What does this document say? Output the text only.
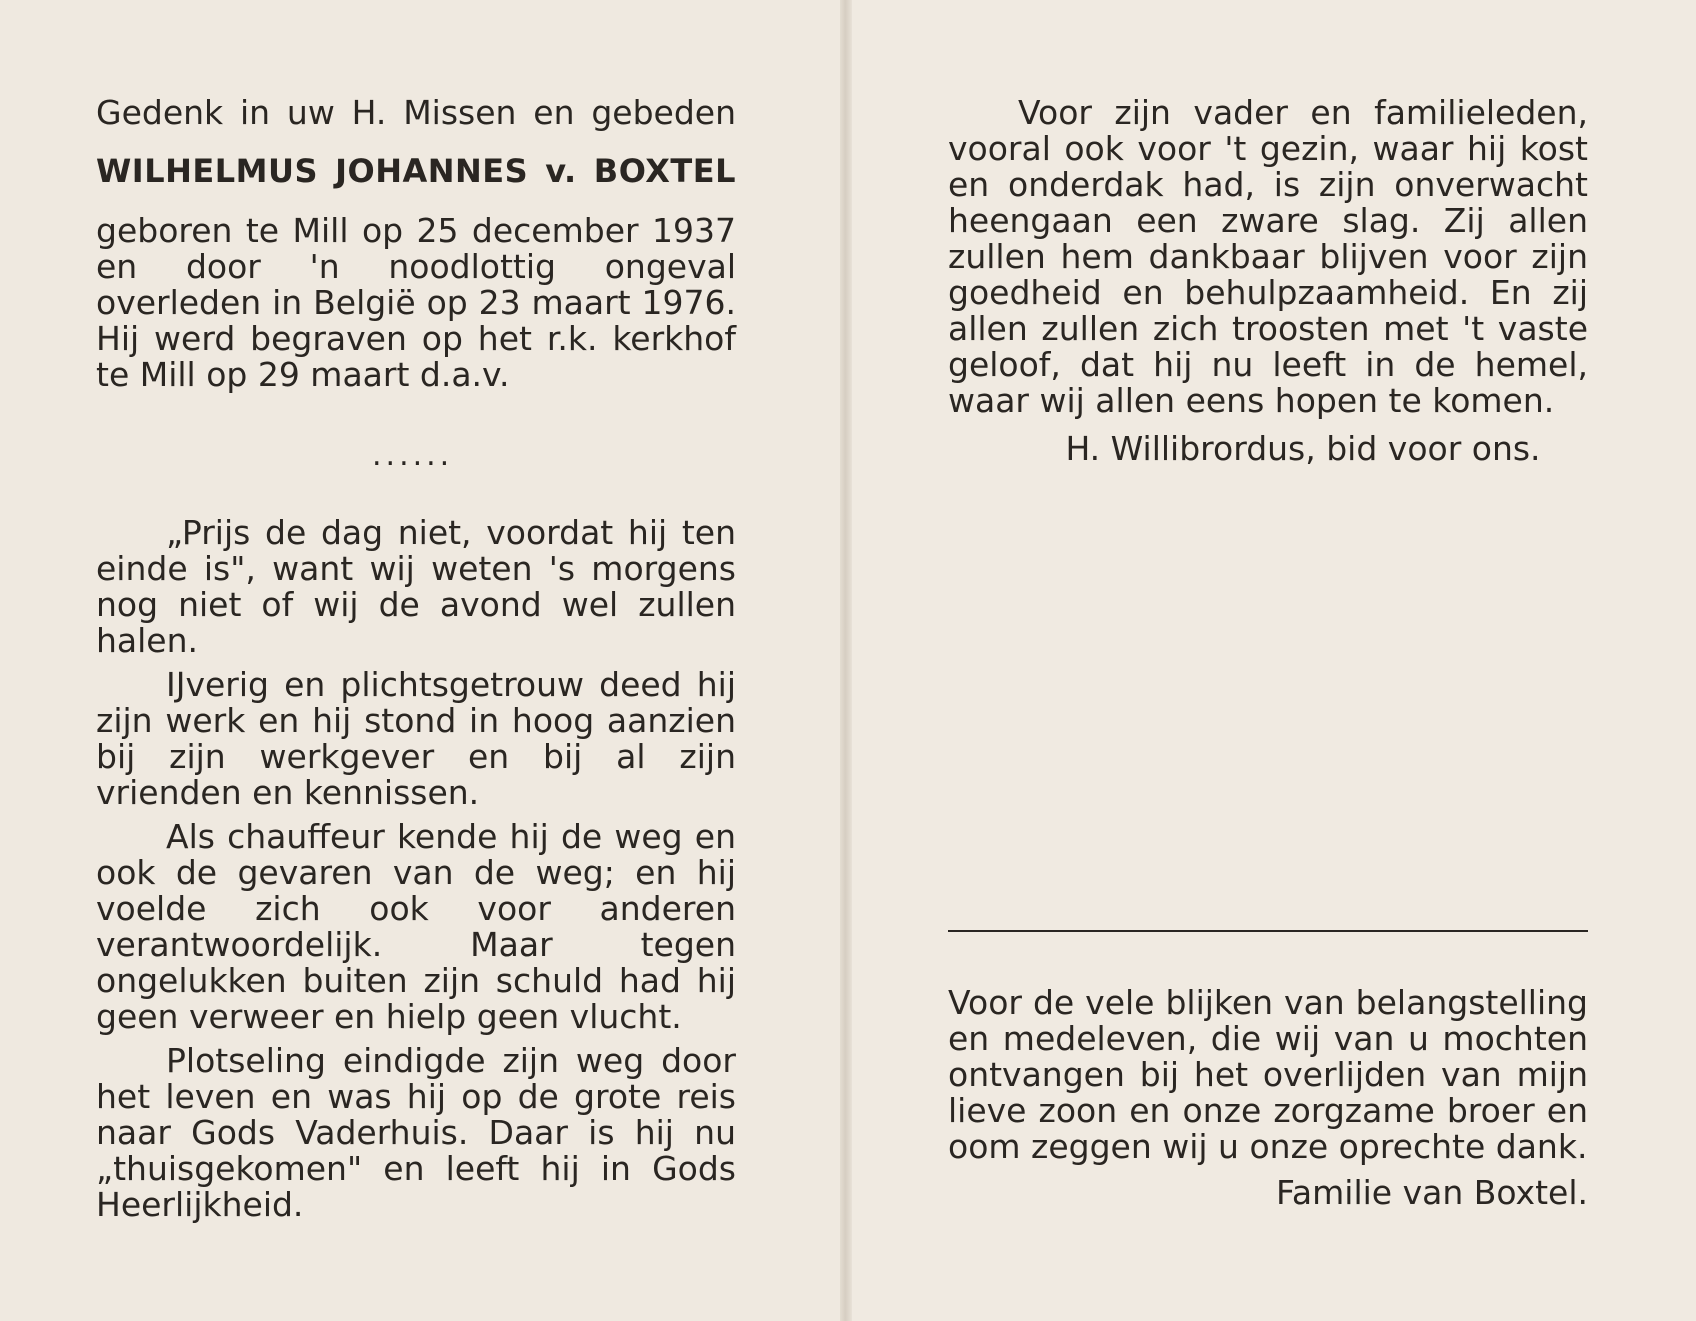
Gedenk in uw H. Missen en gebeden

WILHELMUS JOHANNES v. BOXTEL

geboren te Mill op 25 december 1937 en door 'n noodlottig ongeval overleden in België op 23 maart 1976. Hij werd begraven op het r.k. kerkhof te Mill op 29 maart d.a.v.

......

„Prijs de dag niet, voordat hij ten einde is", want wij weten 's morgens nog niet of wij de avond wel zullen halen.

IJverig en plichtsgetrouw deed hij zijn werk en hij stond in hoog aanzien bij zijn werkgever en bij al zijn vrienden en kennissen.

Als chauffeur kende hij de weg en ook de gevaren van de weg; en hij voelde zich ook voor anderen verantwoordelijk. Maar tegen ongelukken buiten zijn schuld had hij geen verweer en hielp geen vlucht.

Plotseling eindigde zijn weg door het leven en was hij op de grote reis naar Gods Vaderhuis. Daar is hij nu „thuisgekomen" en leeft hij in Gods Heerlijkheid.

Voor zijn vader en familieleden, vooral ook voor 't gezin, waar hij kost en onderdak had, is zijn onverwacht heengaan een zware slag. Zij allen zullen hem dankbaar blijven voor zijn goedheid en behulpzaamheid. En zij allen zullen zich troosten met 't vaste geloof, dat hij nu leeft in de hemel, waar wij allen eens hopen te komen.

H. Willibrordus, bid voor ons.

Voor de vele blijken van belangstelling en medeleven, die wij van u mochten ontvangen bij het overlijden van mijn lieve zoon en onze zorgzame broer en oom zeggen wij u onze oprechte dank.

Familie van Boxtel.
